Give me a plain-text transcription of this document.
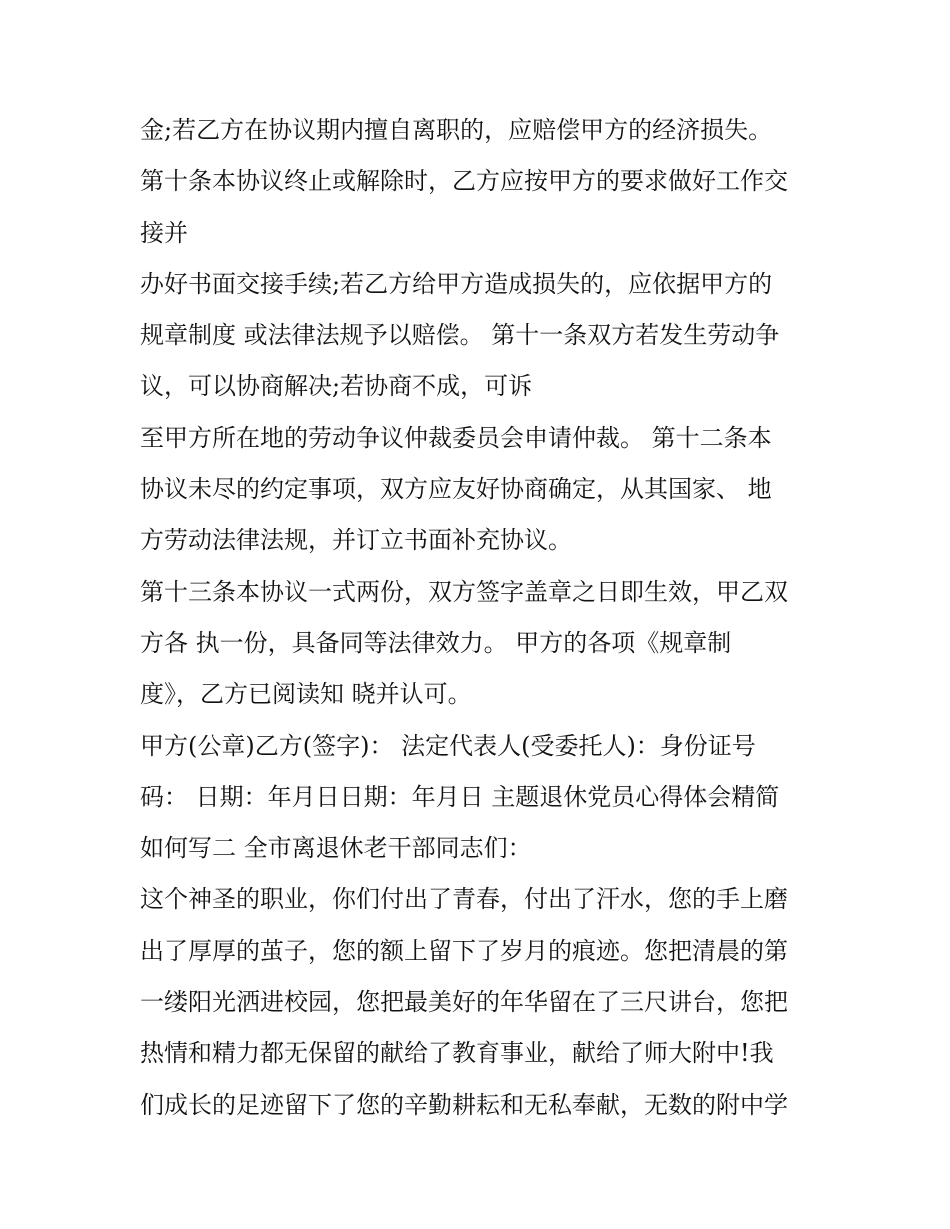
金;若乙方在协议期内擅自离职的，应赔偿甲方的经济损失。
第十条本协议终止或解除时，乙方应按甲方的要求做好工作交
接并
办好书面交接手续;若乙方给甲方造成损失的，应依据甲方的
规章制度 或法律法规予以赔偿。 第十一条双方若发生劳动争
议，可以协商解决;若协商不成，可诉
至甲方所在地的劳动争议仲裁委员会申请仲裁。 第十二条本
协议未尽的约定事项，双方应友好协商确定，从其国家、 地
方劳动法律法规，并订立书面补充协议。
第十三条本协议一式两份，双方签字盖章之日即生效，甲乙双
方各 执一份，具备同等法律效力。 甲方的各项《规章制
度》，乙方已阅读知 晓并认可。
甲方(公章)乙方(签字)： 法定代表人(受委托人)：身份证号
码： 日期：年月日日期：年月日 主题退休党员心得体会精简
如何写二 全市离退休老干部同志们：
这个神圣的职业，你们付出了青春，付出了汗水，您的手上磨
出了厚厚的茧子，您的额上留下了岁月的痕迹。您把清晨的第
一缕阳光洒进校园，您把最美好的年华留在了三尺讲台，您把
热情和精力都无保留的献给了教育事业，献给了师大附中!我
们成长的足迹留下了您的辛勤耕耘和无私奉献，无数的附中学
